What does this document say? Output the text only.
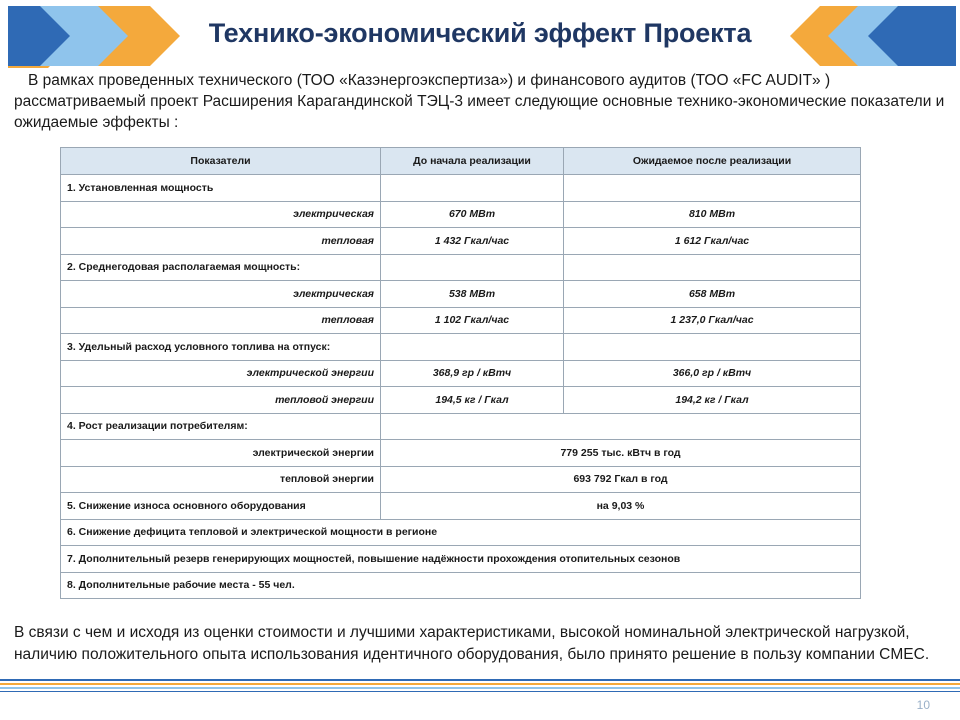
Технико-экономический эффект Проекта
В рамках проведенных технического (ТОО «Казэнергоэкспертиза») и финансового аудитов (ТОО «FC AUDIT» ) рассматриваемый проект Расширения Карагандинской ТЭЦ-3 имеет следующие основные технико-экономические показатели и ожидаемые эффекты :
Показатели	До начала реализации	Ожидаемое после реализации
1. Установленная мощность		
электрическая	670 МВт	810 МВт
тепловая	1 432 Гкал/час	1 612 Гкал/час
2. Среднегодовая располагаемая мощность:		
электрическая	538 МВт	658 МВт
тепловая	1 102 Гкал/час	1 237,0 Гкал/час
3. Удельный расход условного топлива на отпуск:		
электрической энергии	368,9 гр / кВтч	366,0 гр / кВтч
тепловой энергии	194,5 кг / Гкал	194,2 кг / Гкал
4. Рост реализации потребителям:		
электрической энергии	779 255 тыс. кВтч в год	
тепловой энергии	693 792 Гкал в год	
5. Снижение износа основного оборудования	на 9,03 %	
6. Снижение дефицита тепловой и электрической мощности в регионе		
7. Дополнительный резерв генерирующих мощностей, повышение надёжности прохождения отопительных сезонов		
8. Дополнительные рабочие места - 55 чел.		
В связи с чем и исходя из оценки стоимости и лучшими характеристиками, высокой номинальной электрической нагрузкой, наличию положительного опыта использования идентичного оборудования, было принято решение в пользу компании CMEC.
10
